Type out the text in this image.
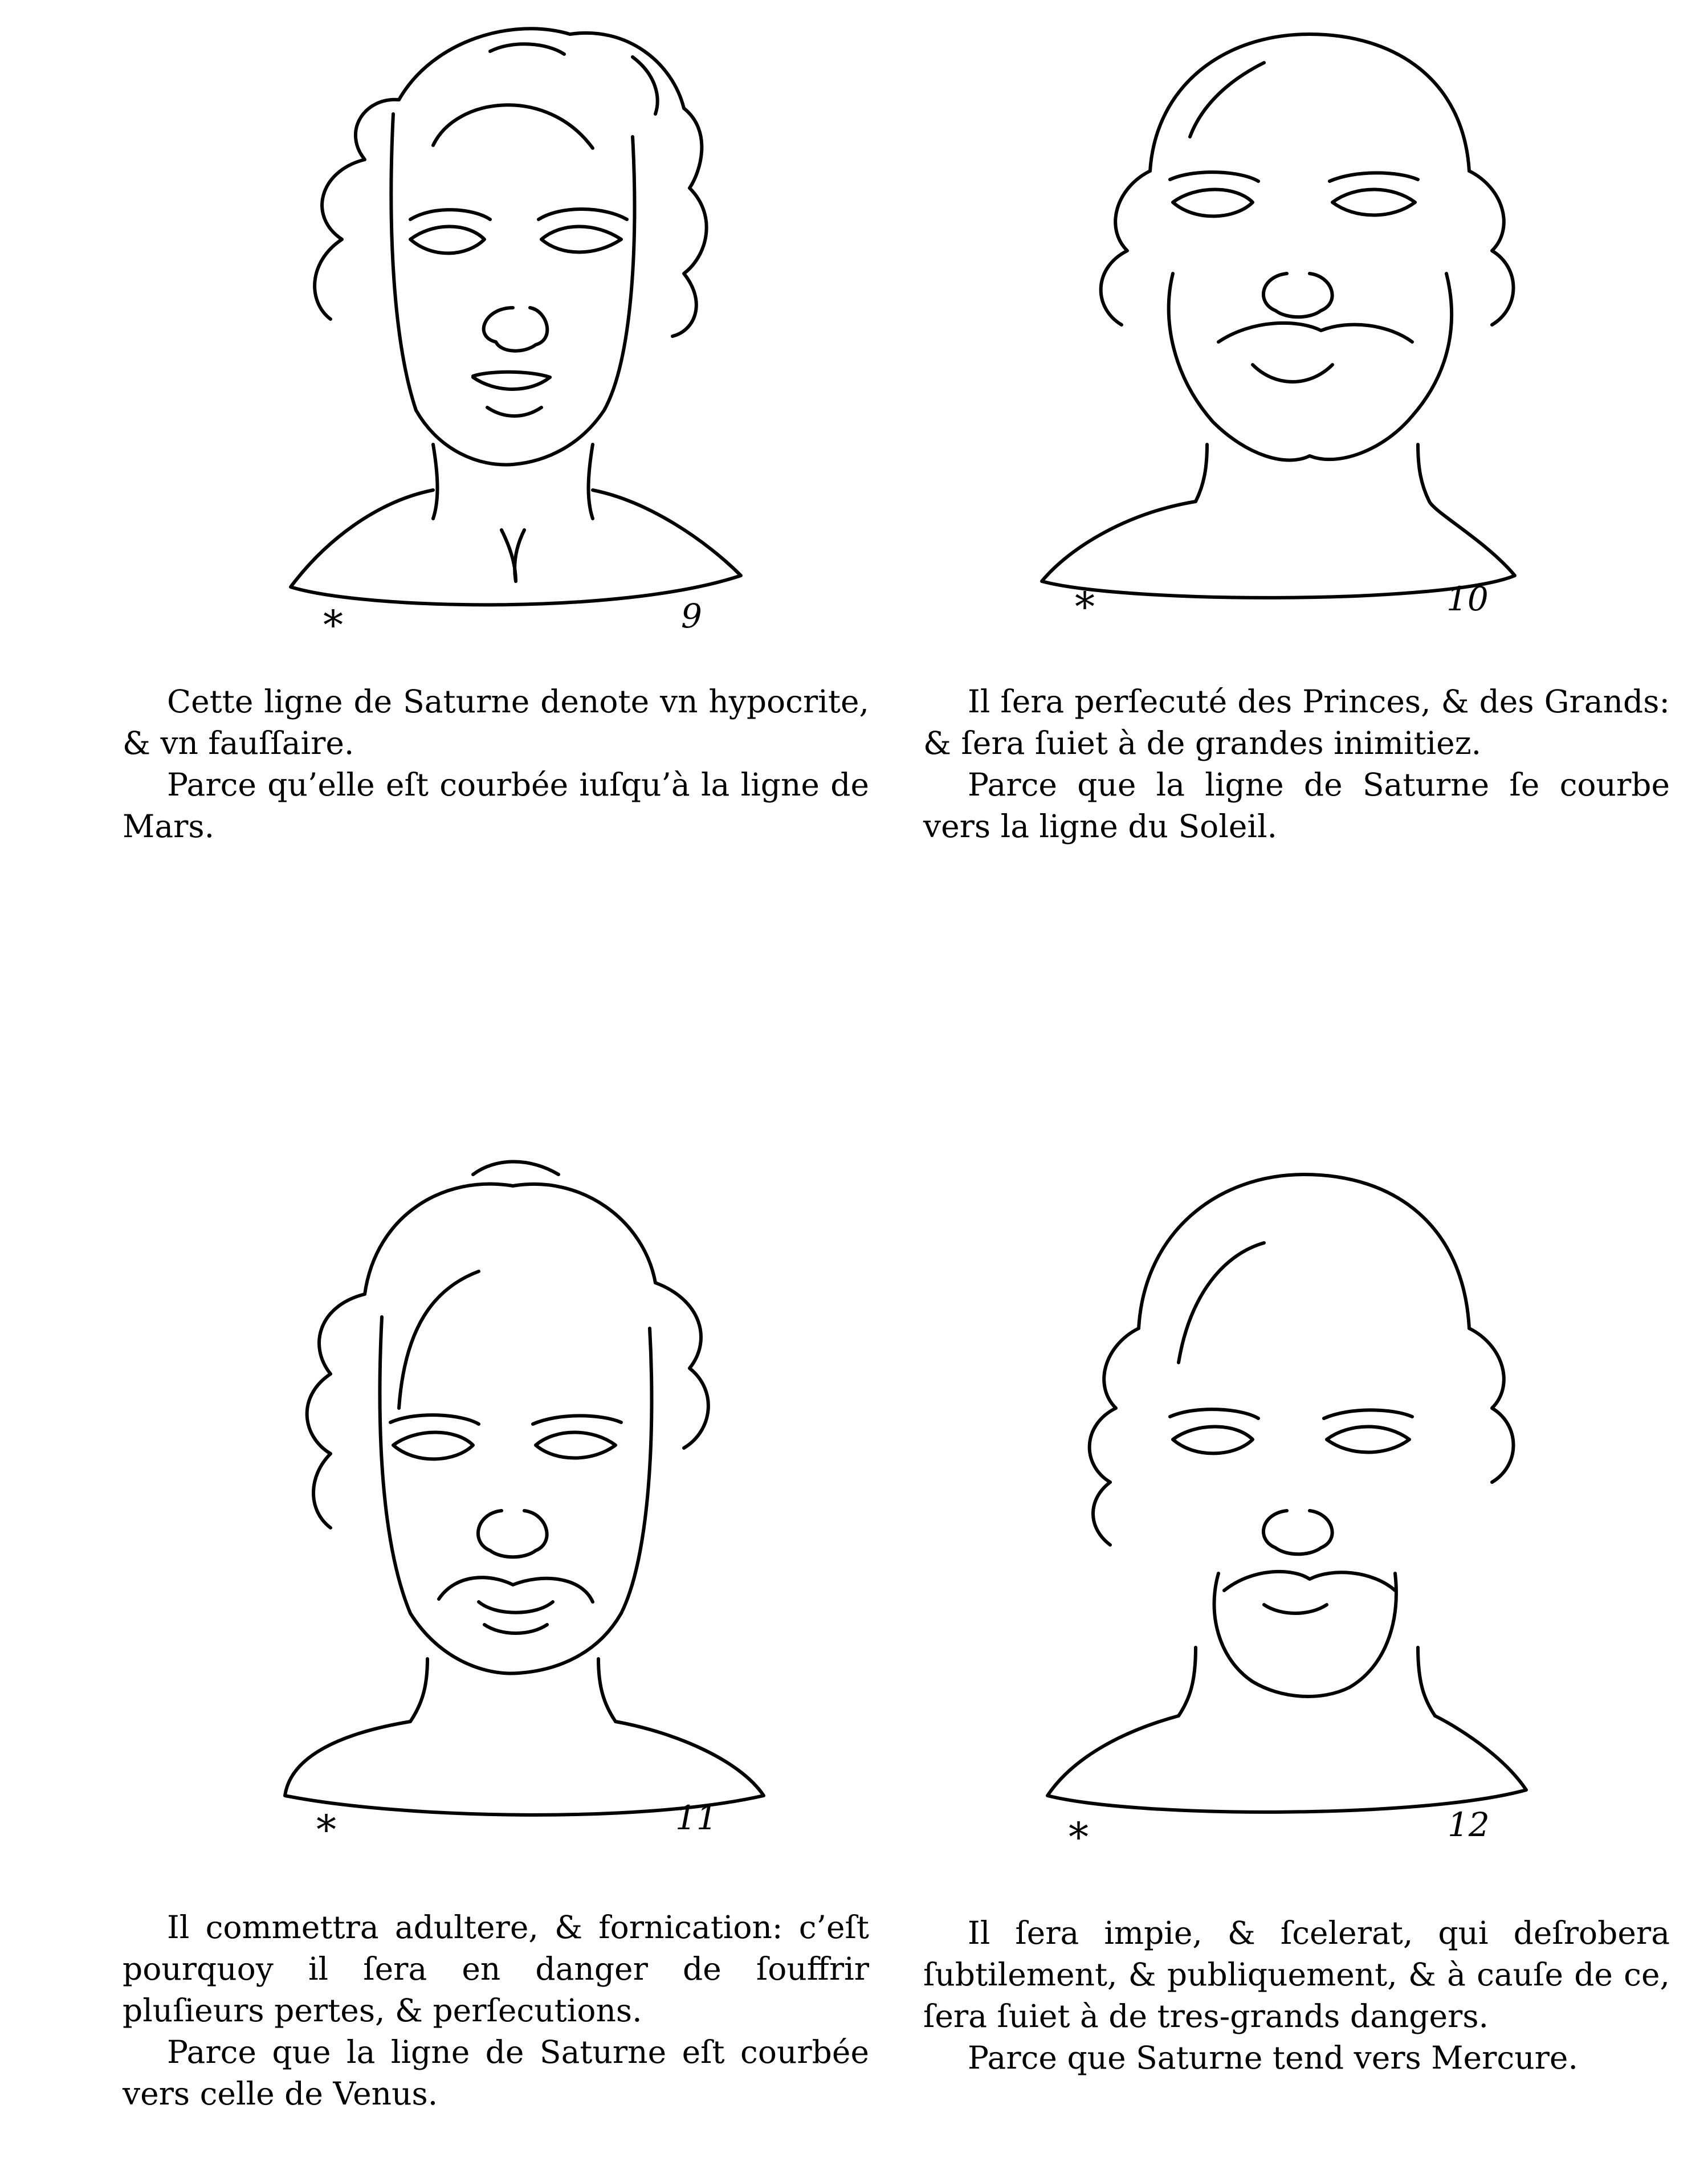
*	9

Cette ligne de Saturne denote vn hypocrite, & vn fauſſaire.

Parce qu’elle eſt courbée iuſqu’à la ligne de Mars.

*	10

Il ſera perſecuté des Princes, & des Grands: & ſera ſuiet à de grandes inimitiez.

Parce que la ligne de Saturne ſe courbe vers la ligne du Soleil.

*	11

Il commettra adultere, & fornication: c’eſt pourquoy il ſera en danger de ſouffrir pluſieurs pertes, & perſecutions.

Parce que la ligne de Saturne eſt courbée vers celle de Venus.

*	12

Il ſera impie, & ſcelerat, qui deſrobera ſubtilement, & publiquement, & à cauſe de ce, ſera ſuiet à de tres-grands dangers.

Parce que Saturne tend vers Mercure.
